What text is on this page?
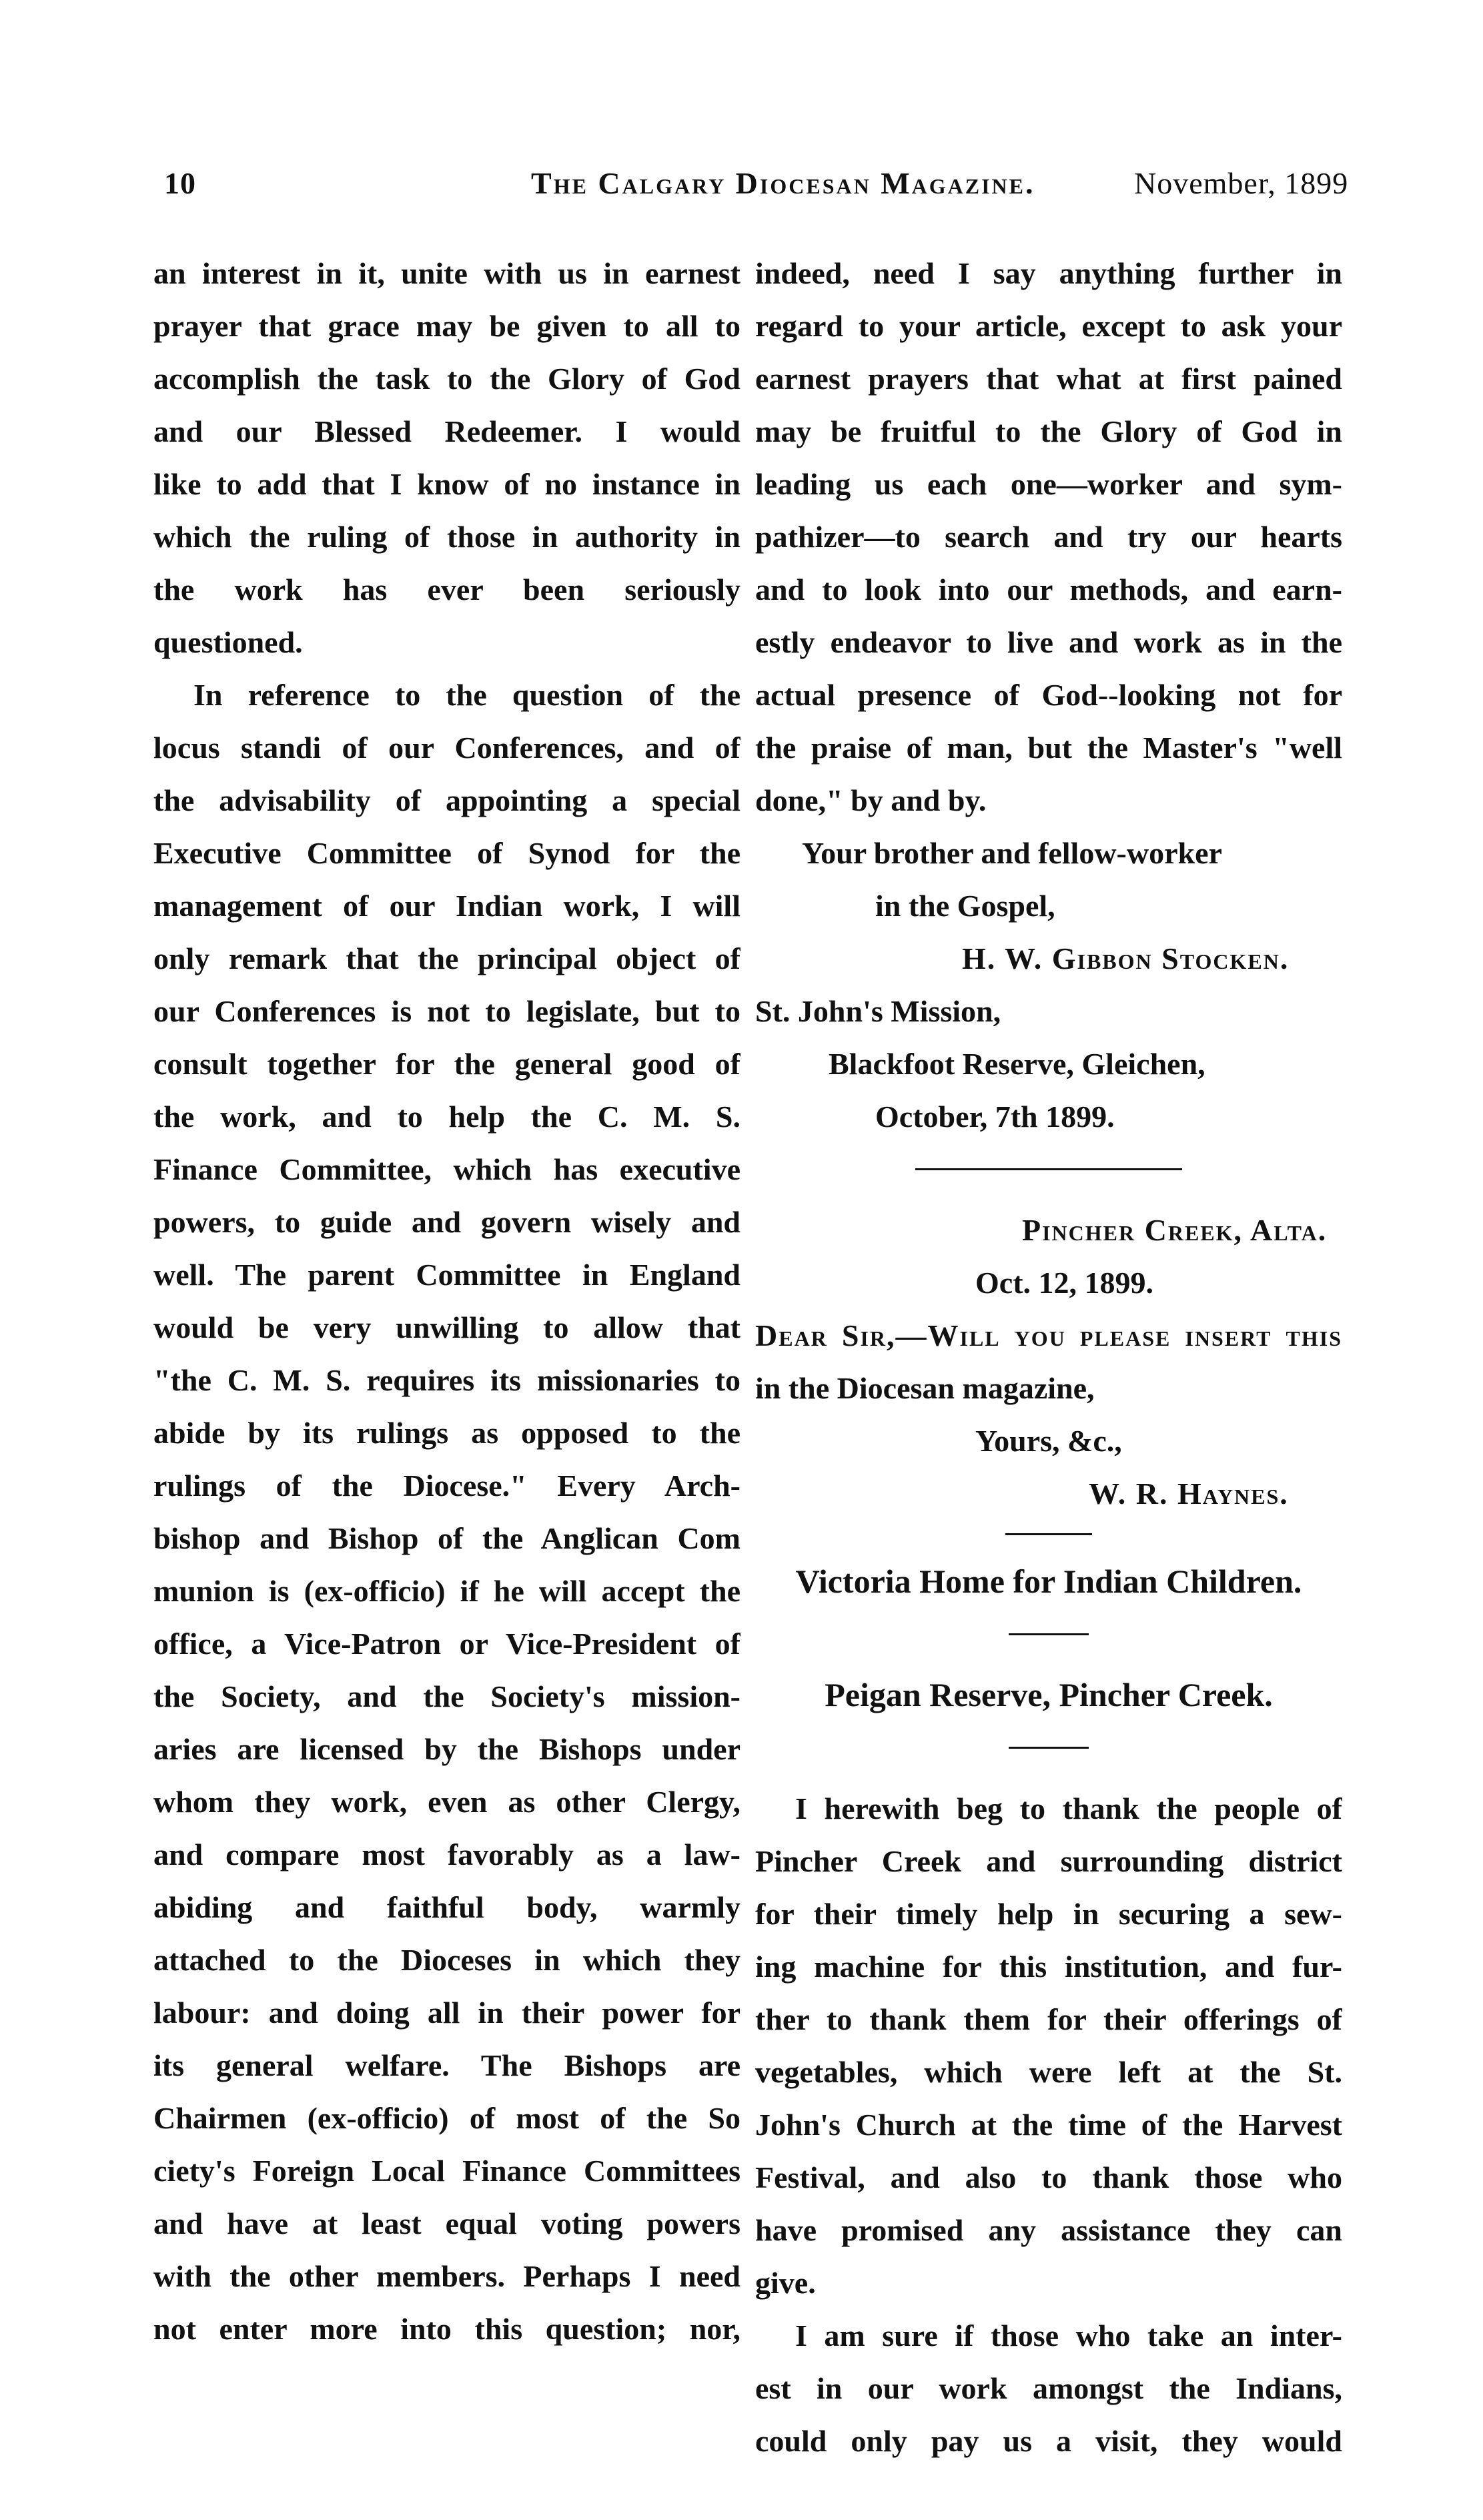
10	The Calgary Diocesan Magazine.	November, 1899
an interest in it, unite with us in earnest
prayer that grace may be given to all to
accomplish the task to the Glory of God
and our Blessed Redeemer. I would
like to add that I know of no instance in
which the ruling of those in authority in
the work has ever been seriously
questioned.
In reference to the question of the
locus standi of our Conferences, and of
the advisability of appointing a special
Executive Committee of Synod for the
management of our Indian work, I will
only remark that the principal object of
our Conferences is not to legislate, but to
consult together for the general good of
the work, and to help the C. M. S.
Finance Committee, which has executive
powers, to guide and govern wisely and
well. The parent Committee in England
would be very unwilling to allow that
"the C. M. S. requires its missionaries to
abide by its rulings as opposed to the
rulings of the Diocese." Every Arch-
bishop and Bishop of the Anglican Com
munion is (ex-officio) if he will accept the
office, a Vice-Patron or Vice-President of
the Society, and the Society's mission-
aries are licensed by the Bishops under
whom they work, even as other Clergy,
and compare most favorably as a law-
abiding and faithful body, warmly
attached to the Dioceses in which they
labour: and doing all in their power for
its general welfare. The Bishops are
Chairmen (ex-officio) of most of the So
ciety's Foreign Local Finance Committees
and have at least equal voting powers
with the other members. Perhaps I need
not enter more into this question; nor,
indeed, need I say anything further in
regard to your article, except to ask your
earnest prayers that what at first pained
may be fruitful to the Glory of God in
leading us each one—worker and sym-
pathizer—to search and try our hearts
and to look into our methods, and earn-
estly endeavor to live and work as in the
actual presence of God--looking not for
the praise of man, but the Master's "well
done," by and by.
Your brother and fellow-worker
in the Gospel,
H. W. Gibbon Stocken.
St. John's Mission,
Blackfoot Reserve, Gleichen,
October, 7th 1899.
Pincher Creek, Alta.
Oct. 12, 1899.
Dear Sir,—Will you please insert this
in the Diocesan magazine,
Yours, &c.,
W. R. Haynes.
Victoria Home for Indian Children.
Peigan Reserve, Pincher Creek.
I herewith beg to thank the people of
Pincher Creek and surrounding district
for their timely help in securing a sew-
ing machine for this institution, and fur-
ther to thank them for their offerings of
vegetables, which were left at the St.
John's Church at the time of the Harvest
Festival, and also to thank those who
have promised any assistance they can
give.
I am sure if those who take an inter-
est in our work amongst the Indians,
could only pay us a visit, they would
